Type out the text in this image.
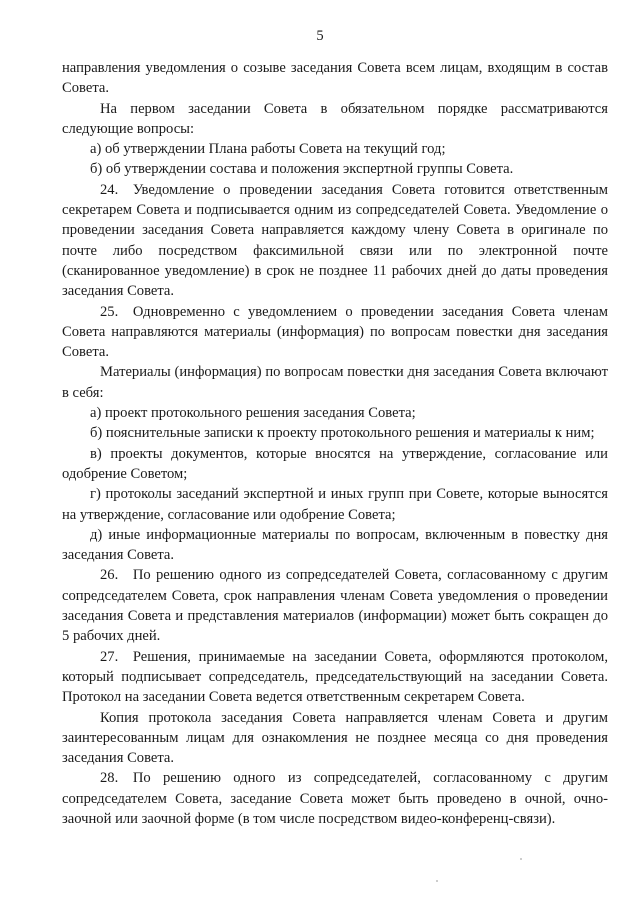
5

направления уведомления о созыве заседания Совета всем лицам, входящим в состав Совета.

На первом заседании Совета в обязательном порядке рассматриваются следующие вопросы:

а) об утверждении Плана работы Совета на текущий год;

б) об утверждении состава и положения экспертной группы Совета.

24. Уведомление о проведении заседания Совета готовится ответственным секретарем Совета и подписывается одним из сопредседателей Совета. Уведомление о проведении заседания Совета направляется каждому члену Совета в оригинале по почте либо посредством факсимильной связи или по электронной почте (сканированное уведомление) в срок не позднее 11 рабочих дней до даты проведения заседания Совета.

25. Одновременно с уведомлением о проведении заседания Совета членам Совета направляются материалы (информация) по вопросам повестки дня заседания Совета.

Материалы (информация) по вопросам повестки дня заседания Совета включают в себя:

а) проект протокольного решения заседания Совета;

б) пояснительные записки к проекту протокольного решения и материалы к ним;

в) проекты документов, которые вносятся на утверждение, согласование или одобрение Советом;

г) протоколы заседаний экспертной и иных групп при Совете, которые выносятся на утверждение, согласование или одобрение Совета;

д) иные информационные материалы по вопросам, включенным в повестку дня заседания Совета.

26. По решению одного из сопредседателей Совета, согласованному с другим сопредседателем Совета, срок направления членам Совета уведомления о проведении заседания Совета и представления материалов (информации) может быть сокращен до 5 рабочих дней.

27. Решения, принимаемые на заседании Совета, оформляются протоколом, который подписывает сопредседатель, председательствующий на заседании Совета. Протокол на заседании Совета ведется ответственным секретарем Совета.

Копия протокола заседания Совета направляется членам Совета и другим заинтересованным лицам для ознакомления не позднее месяца со дня проведения заседания Совета.

28. По решению одного из сопредседателей, согласованному с другим сопредседателем Совета, заседание Совета может быть проведено в очной, очно-заочной или заочной форме (в том числе посредством видео-конференц-связи).
